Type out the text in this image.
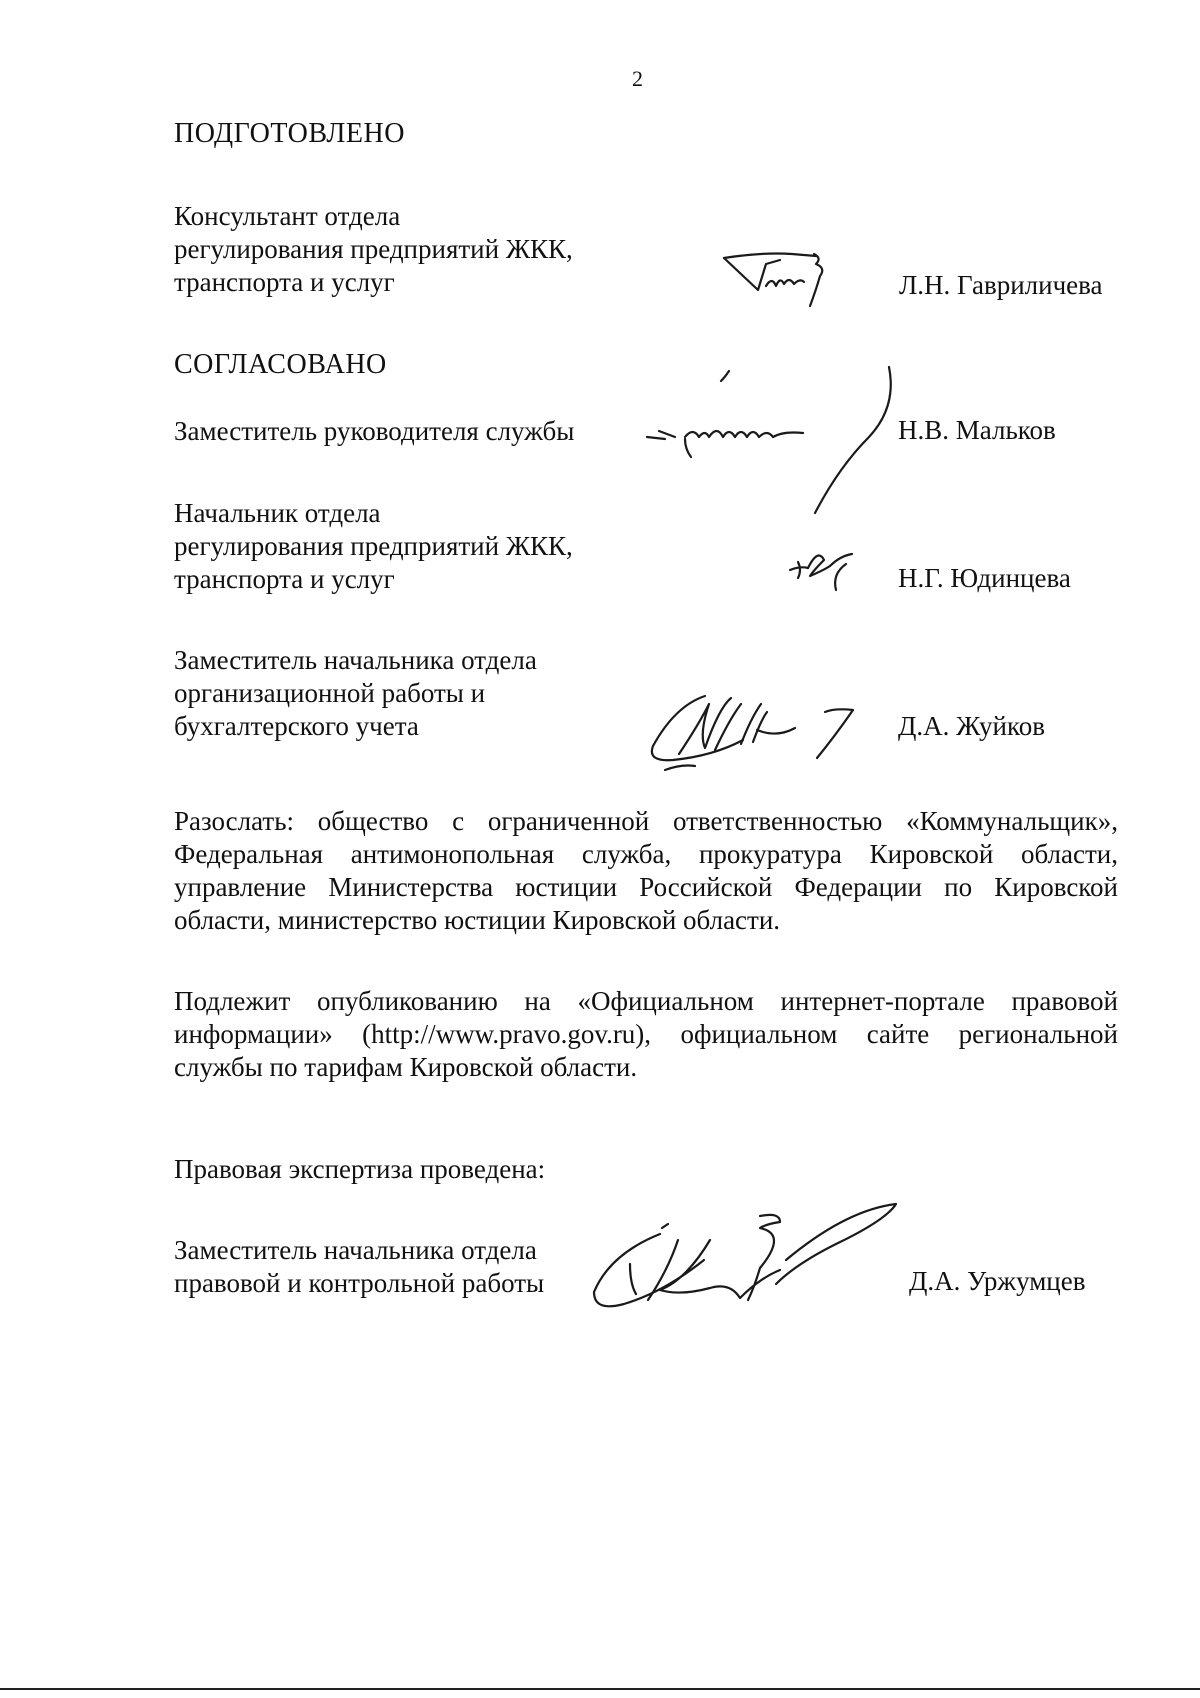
2
ПОДГОТОВЛЕНО
Консультант отдела
регулирования предприятий ЖКК,
транспорта и услуг	Л.Н. Гавриличева
СОГЛАСОВАНО
Заместитель руководителя службы	Н.В. Мальков
Начальник отдела
регулирования предприятий ЖКК,
транспорта и услуг	Н.Г. Юдинцева
Заместитель начальника отдела
организационной работы и
бухгалтерского учета	Д.А. Жуйков
Разослать: общество с ограниченной ответственностью «Коммунальщик»,
Федеральная антимонопольная служба, прокуратура Кировской области,
управление Министерства юстиции Российской Федерации по Кировской
области, министерство юстиции Кировской области.
Подлежит опубликованию на «Официальном интернет-портале правовой
информации» (http://www.pravo.gov.ru), официальном сайте региональной
службы по тарифам Кировской области.
Правовая экспертиза проведена:
Заместитель начальника отдела
правовой и контрольной работы	Д.А. Уржумцев
